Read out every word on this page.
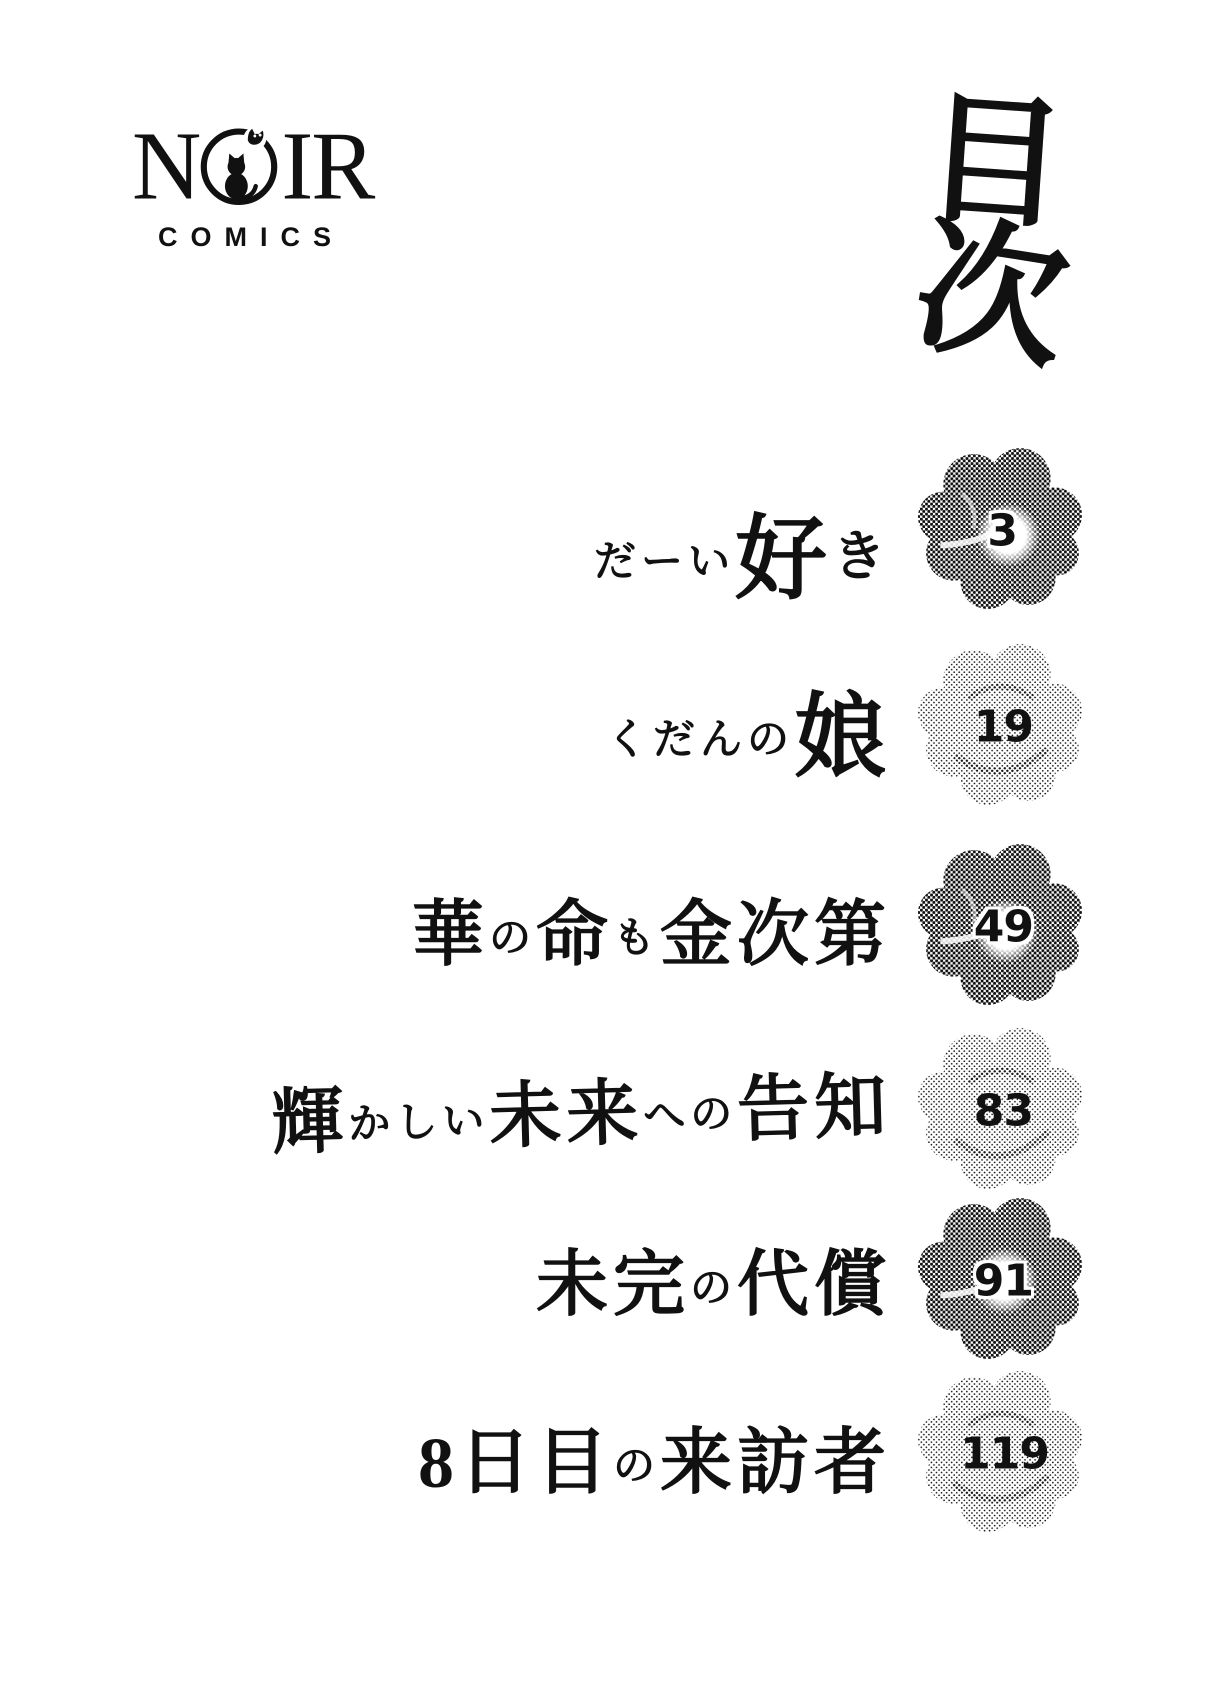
N IR
COMICS	目
次
だーい 好 き 3
くだんの 娘 19
華 の 命 も 金次第 49
輝
かしい
未来
への
告知 83
未完 の 代償 91
8日目 の 来訪者 119
